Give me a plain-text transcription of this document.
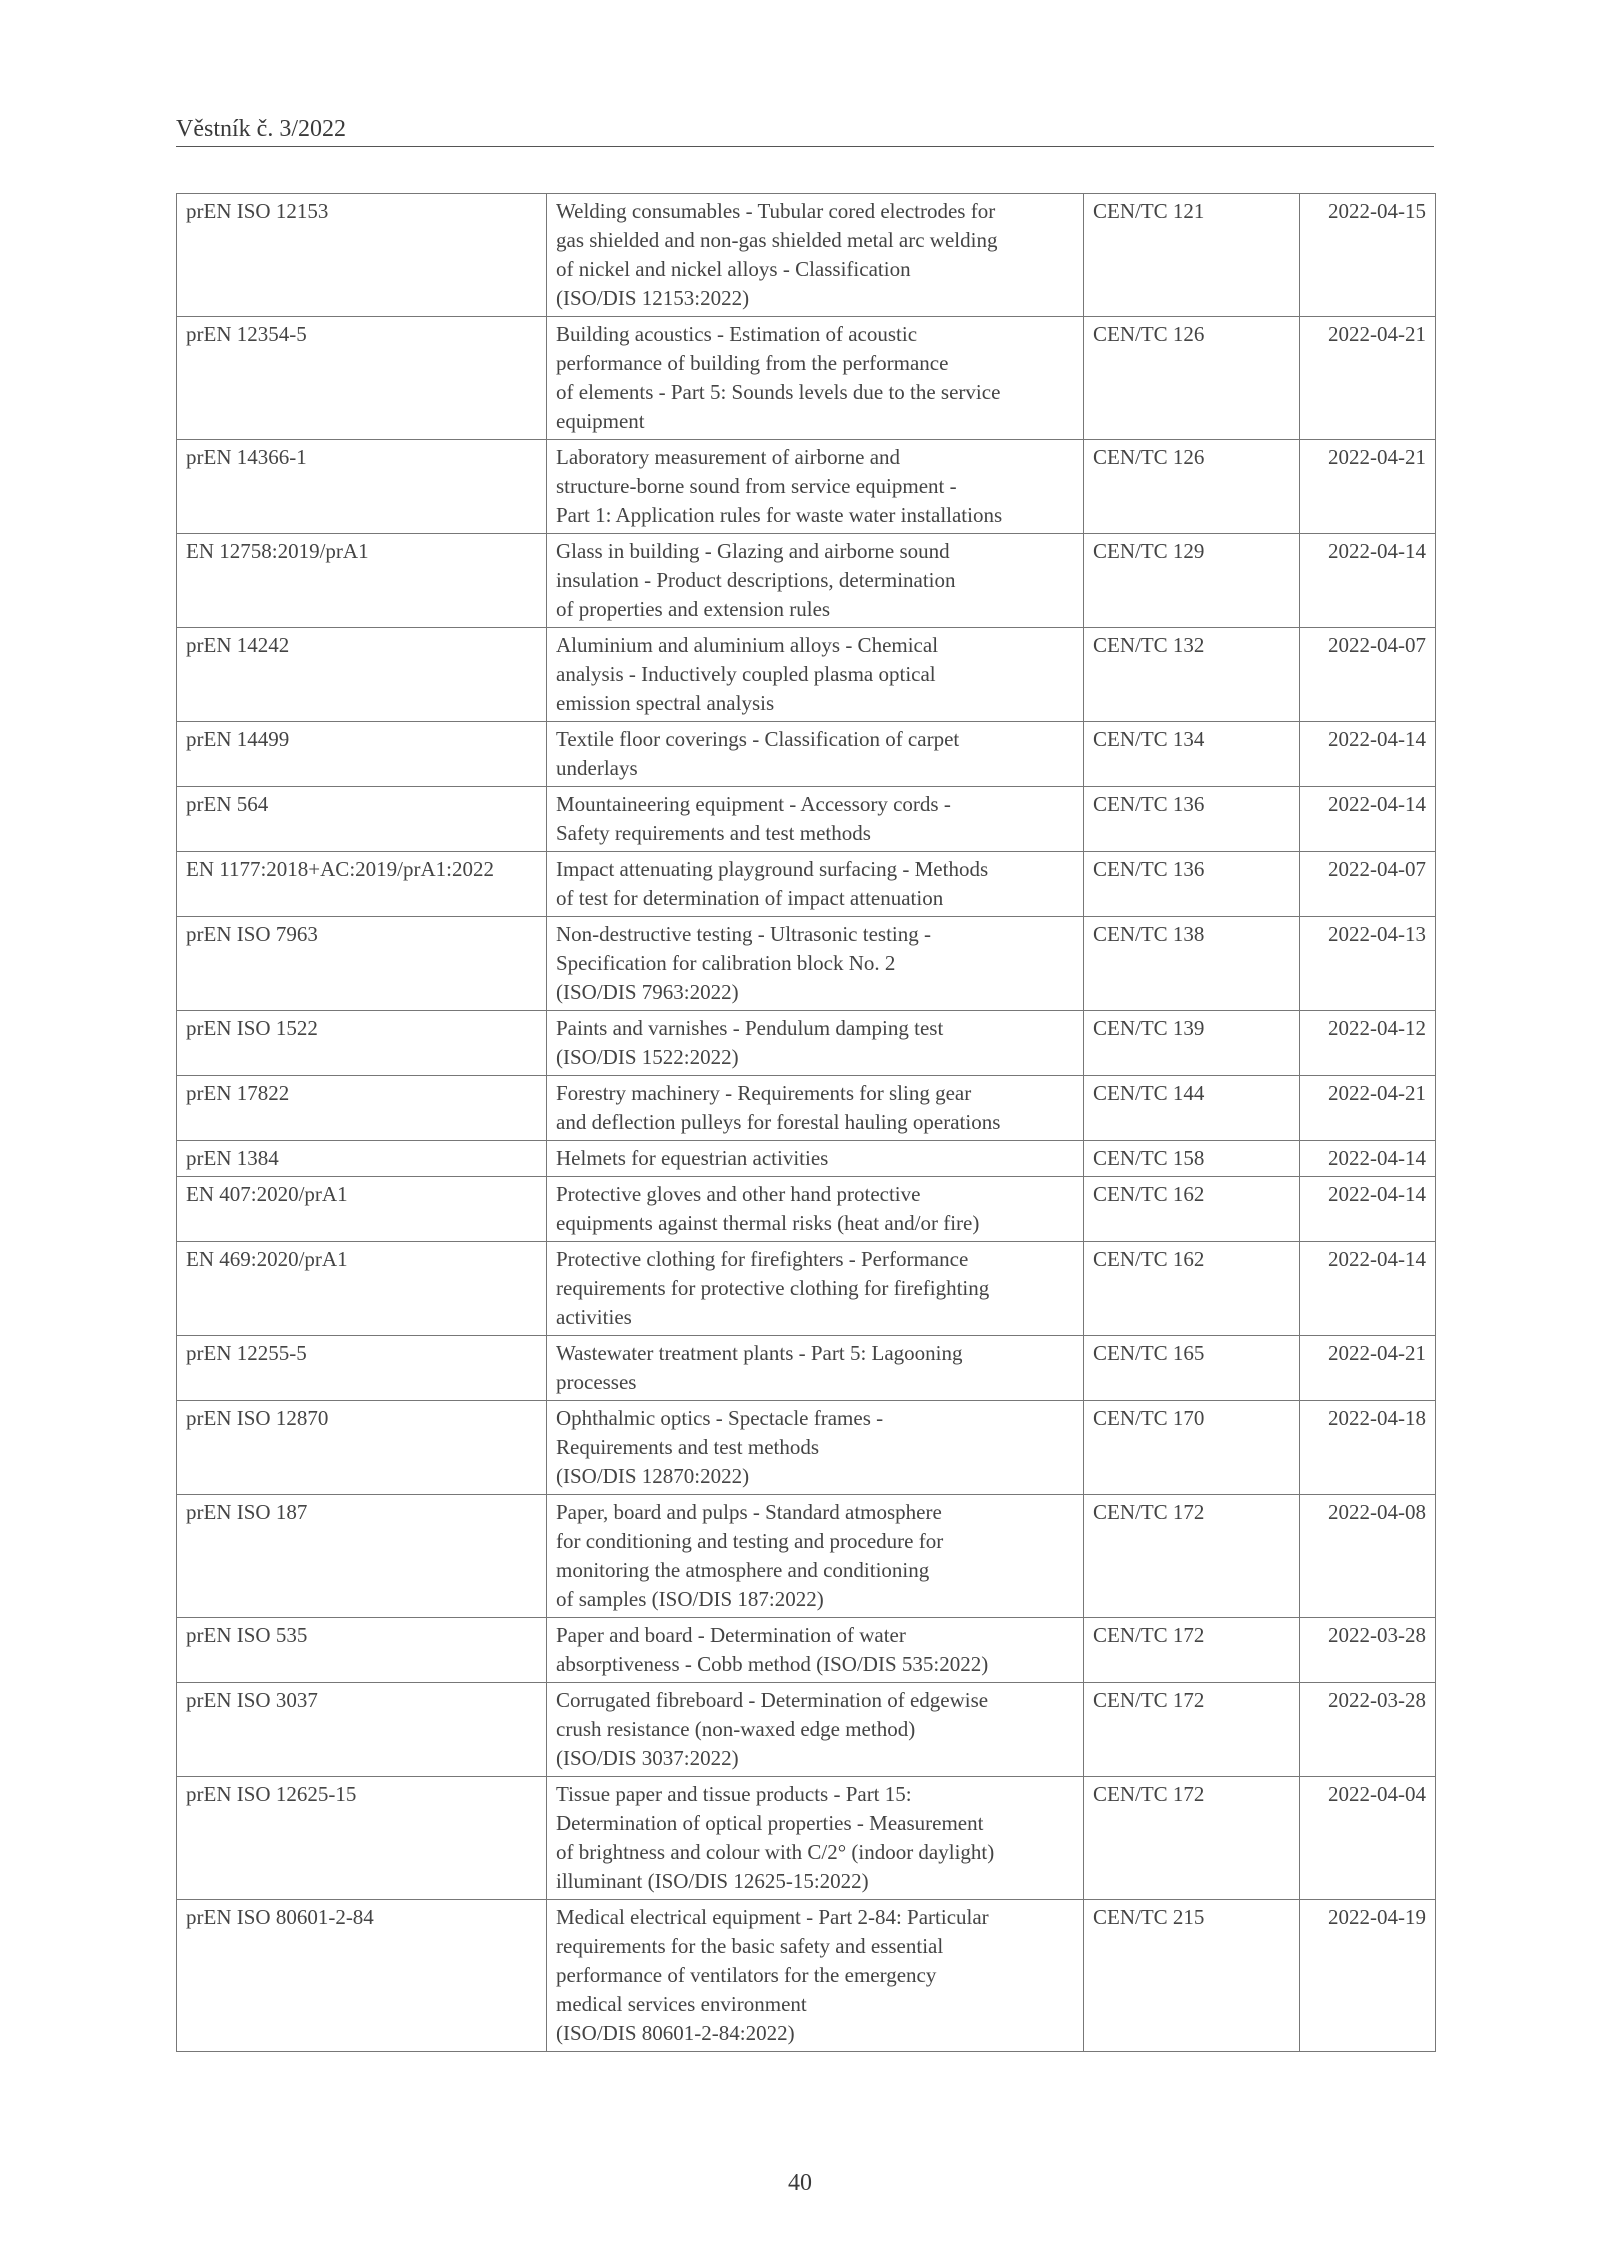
Věstník č. 3/2022
prEN ISO 12153	Welding consumables - Tubular cored electrodes for
gas shielded and non-gas shielded metal arc welding
of nickel and nickel alloys - Classification
(ISO/DIS 12153:2022)	CEN/TC 121	2022-04-15
prEN 12354-5	Building acoustics - Estimation of acoustic
performance of building from the performance
of elements - Part 5: Sounds levels due to the service
equipment	CEN/TC 126	2022-04-21
prEN 14366-1	Laboratory measurement of airborne and
structure-borne sound from service equipment -
Part 1: Application rules for waste water installations	CEN/TC 126	2022-04-21
EN 12758:2019/prA1	Glass in building - Glazing and airborne sound
insulation - Product descriptions, determination
of properties and extension rules	CEN/TC 129	2022-04-14
prEN 14242	Aluminium and aluminium alloys - Chemical
analysis - Inductively coupled plasma optical
emission spectral analysis	CEN/TC 132	2022-04-07
prEN 14499	Textile floor coverings - Classification of carpet
underlays	CEN/TC 134	2022-04-14
prEN 564	Mountaineering equipment - Accessory cords -
Safety requirements and test methods	CEN/TC 136	2022-04-14
EN 1177:2018+AC:2019/prA1:2022	Impact attenuating playground surfacing - Methods
of test for determination of impact attenuation	CEN/TC 136	2022-04-07
prEN ISO 7963	Non-destructive testing - Ultrasonic testing -
Specification for calibration block No. 2
(ISO/DIS 7963:2022)	CEN/TC 138	2022-04-13
prEN ISO 1522	Paints and varnishes - Pendulum damping test
(ISO/DIS 1522:2022)	CEN/TC 139	2022-04-12
prEN 17822	Forestry machinery - Requirements for sling gear
and deflection pulleys for forestal hauling operations	CEN/TC 144	2022-04-21
prEN 1384	Helmets for equestrian activities	CEN/TC 158	2022-04-14
EN 407:2020/prA1	Protective gloves and other hand protective
equipments against thermal risks (heat and/or fire)	CEN/TC 162	2022-04-14
EN 469:2020/prA1	Protective clothing for firefighters - Performance
requirements for protective clothing for firefighting
activities	CEN/TC 162	2022-04-14
prEN 12255-5	Wastewater treatment plants - Part 5: Lagooning
processes	CEN/TC 165	2022-04-21
prEN ISO 12870	Ophthalmic optics - Spectacle frames -
Requirements and test methods
(ISO/DIS 12870:2022)	CEN/TC 170	2022-04-18
prEN ISO 187	Paper, board and pulps - Standard atmosphere
for conditioning and testing and procedure for
monitoring the atmosphere and conditioning
of samples (ISO/DIS 187:2022)	CEN/TC 172	2022-04-08
prEN ISO 535	Paper and board - Determination of water
absorptiveness - Cobb method (ISO/DIS 535:2022)	CEN/TC 172	2022-03-28
prEN ISO 3037	Corrugated fibreboard - Determination of edgewise
crush resistance (non-waxed edge method)
(ISO/DIS 3037:2022)	CEN/TC 172	2022-03-28
prEN ISO 12625-15	Tissue paper and tissue products - Part 15:
Determination of optical properties - Measurement
of brightness and colour with C/2° (indoor daylight)
illuminant (ISO/DIS 12625-15:2022)	CEN/TC 172	2022-04-04
prEN ISO 80601-2-84	Medical electrical equipment - Part 2-84: Particular
requirements for the basic safety and essential
performance of ventilators for the emergency
medical services environment
(ISO/DIS 80601-2-84:2022)	CEN/TC 215	2022-04-19
40
